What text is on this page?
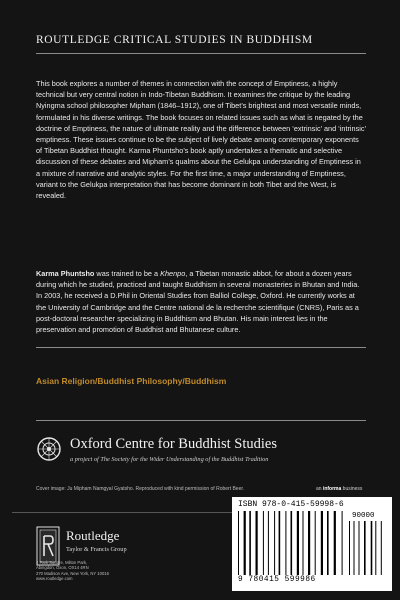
ROUTLEDGE CRITICAL STUDIES IN BUDDHISM
This book explores a number of themes in connection with the concept of Emptiness, a highly technical but very central notion in Indo-Tibetan Buddhism. It examines the critique by the leading Nyingma school philosopher Mipham (1846–1912), one of Tibet’s brightest and most versatile minds, formulated in his diverse writings. The book focuses on related issues such as what is negated by the doctrine of Emptiness, the nature of ultimate reality and the difference between ‘extrinsic’ and ‘intrinsic’ emptiness. These issues continue to be the subject of lively debate among contemporary exponents of Tibetan Buddhist thought. Karma Phuntsho’s book aptly undertakes a thematic and selective discussion of these debates and Mipham’s qualms about the Gelukpa understanding of Emptiness in a mixture of narrative and analytic styles. For the first time, a major understanding of Emptiness, variant to the Gelukpa interpretation that has become dominant in both Tibet and the West, is revealed.
Karma Phuntsho was trained to be a Khenpo, a Tibetan monastic abbot, for about a dozen years during which he studied, practiced and taught Buddhism in several monasteries in Bhutan and India. In 2003, he received a D.Phil in Oriental Studies from Balliol College, Oxford. He currently works at the University of Cambridge and the Centre national de la recherche scientifique (CNRS), Paris as a post-doctoral researcher specializing in Buddhism and Bhutan. His main interest lies in the preservation and promotion of Buddhist and Bhutanese culture.
Asian Religion/Buddhist Philosophy/Buddhism
Oxford Centre for Buddhist Studies
a project of The Society for the Wider Understanding of the Buddhist Tradition
Cover image: Ju Mipham Namgyal Gyatsho. Reproduced with kind permission of Robert Beer.	an informa business
Routledge
Taylor & Francis Group
2 Park Square, Milton Park,
Abingdon, Oxon, OX14 4RN
270 Madison Ave, New York, NY 10016
www.routledge.com
ISBN 978-0-415-59998-6
90000
9 780415 599986
